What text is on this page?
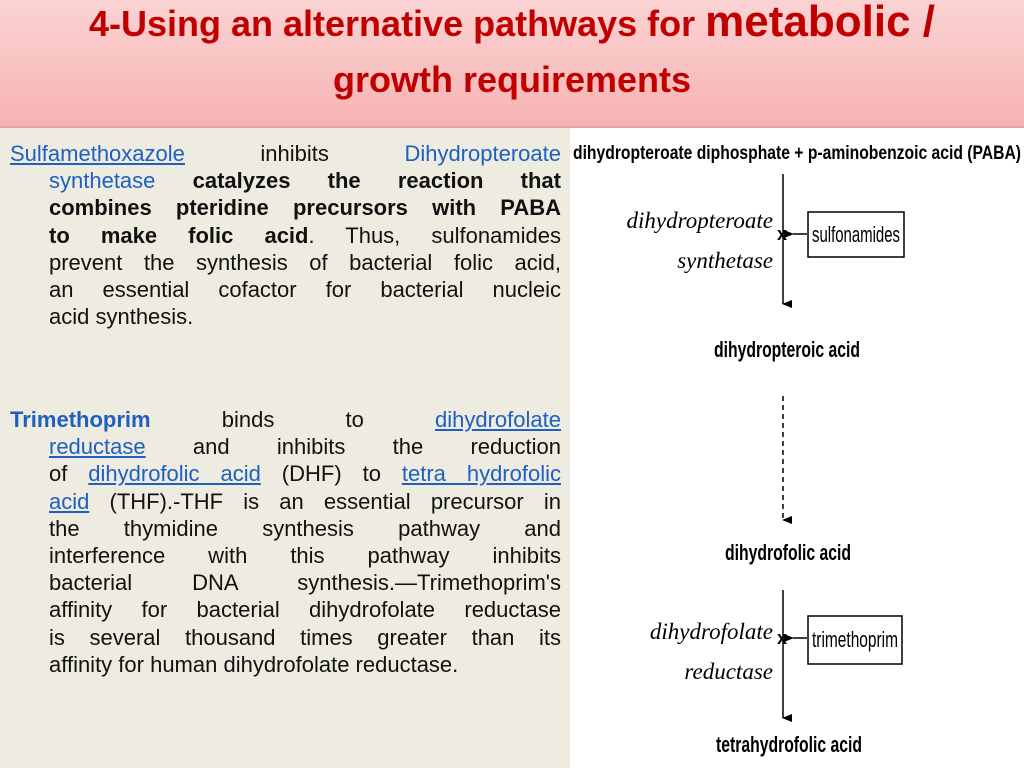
4-Using an alternative pathways for metabolic /
growth requirements
Sulfamethoxazole	inhibits	Dihydropteroate
synthetase catalyzes the reaction that
combines pteridine precursors with PABA
to make folic acid. Thus, sulfonamides
prevent the synthesis of bacterial folic acid,
an essential cofactor for bacterial nucleic
acid synthesis.
Trimethoprim	binds	to	dihydrofolate
reductase and inhibits the reduction
of dihydrofolic acid (DHF) to tetra hydrofolic
acid (THF).-THF is an essential precursor in
the thymidine synthesis pathway and
interference with this pathway inhibits
bacterial DNA synthesis.—Trimethoprim's
affinity for bacterial dihydrofolate reductase
is several thousand times greater than its
affinity for human dihydrofolate reductase.
dihydropteroate diphosphate + p-aminobenzoic acid (PABA)
dihydropteroate
synthetase
x sulfonamides
dihydropteroic acid
dihydrofolic acid
dihydrofolate
reductase
x trimethoprim
tetrahydrofolic acid
